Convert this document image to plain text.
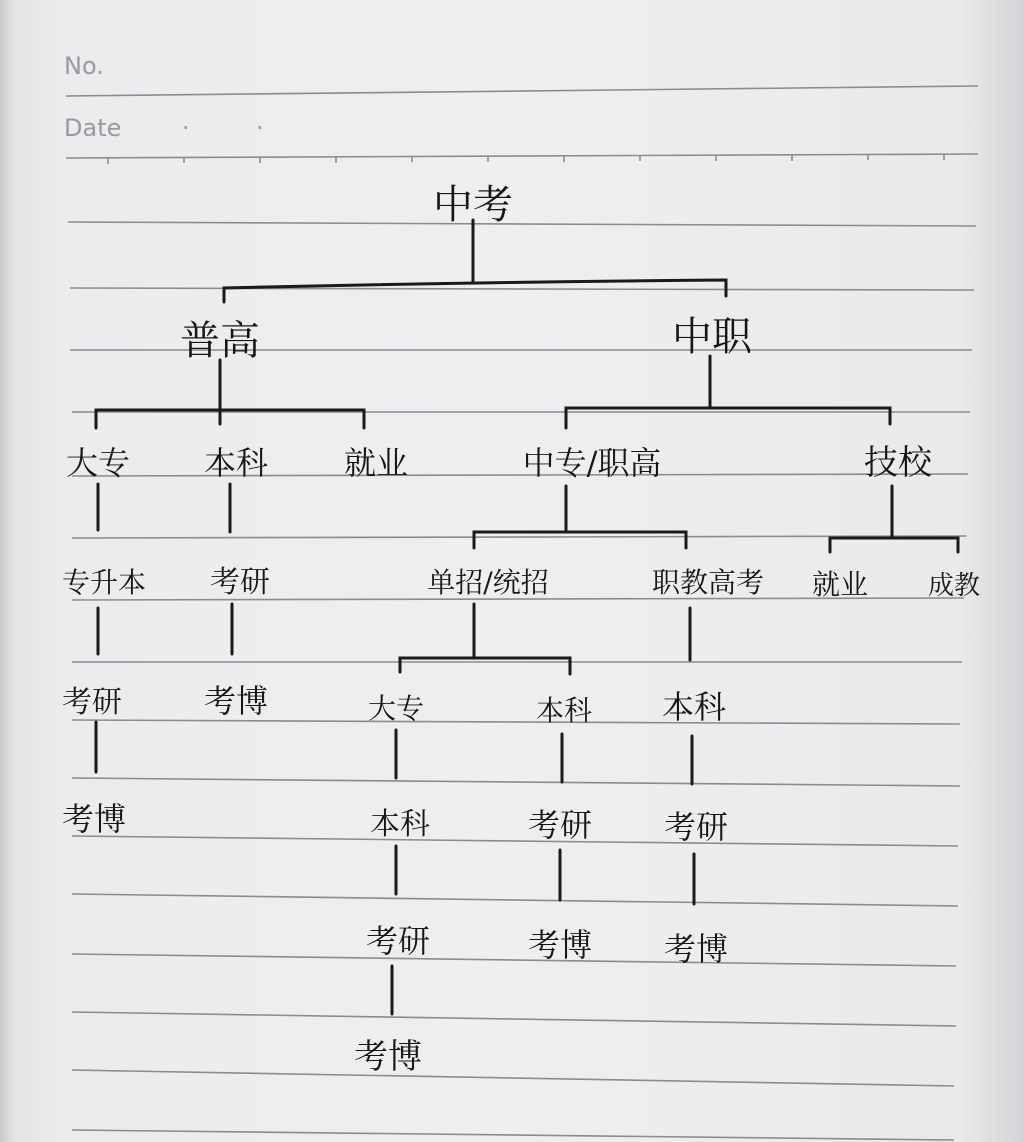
No.
Date	·	·
中考
普高	中职
大专 本科 就业	中专/职高	技校
专升本 考研	单招/统招	职教高考 就业 成教
考研	考博	大专	本科 本科
考博	本科	考研 考研
考研	考博 考博
考博
